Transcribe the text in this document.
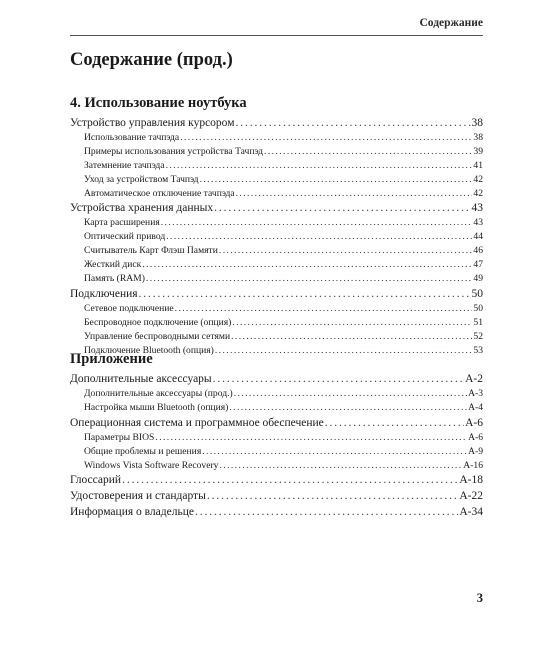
Содержание
Содержание (прод.)
4. Использование ноутбука
Устройство управления курсором . . .	38
Использование тачпэда . . .	38
Примеры использования устройства Тачпэд . . .	39
Затемнение тачпэда . . .	41
Уход за устройством Тачпэд . . .	42
Автоматическое отключение тачпэда . . .	42
Устройства хранения данных . . .	43
Карта расширения . . .	43
Оптический привод . . .	44
Считыватель Карт Флэш Памяти . . .	46
Жесткий диск . . .	47
Память (RAM) . . .	49
Подключения . . .	50
Сетевое подключение . . .	50
Беспроводное подключение (опция) . . .	51
Управление беспроводными сетями . . .	52
Подключение Bluetooth (опция) . . .	53
Приложение
Дополнительные аксессуары . . .	A-2
Дополнительные аксессуары (прод.) . . .	A-3
Настройка мыши Bluetooth (опция) . . .	A-4
Операционная система и программное обеспечение . . .	A-6
Параметры BIOS . . .	A-6
Общие проблемы и решения . . .	A-9
Windows Vista Software Recovery . . .	A-16
Глоссарий . . .	A-18
Удостоверения и стандарты . . .	A-22
Информация о владельце . . .	A-34
3
